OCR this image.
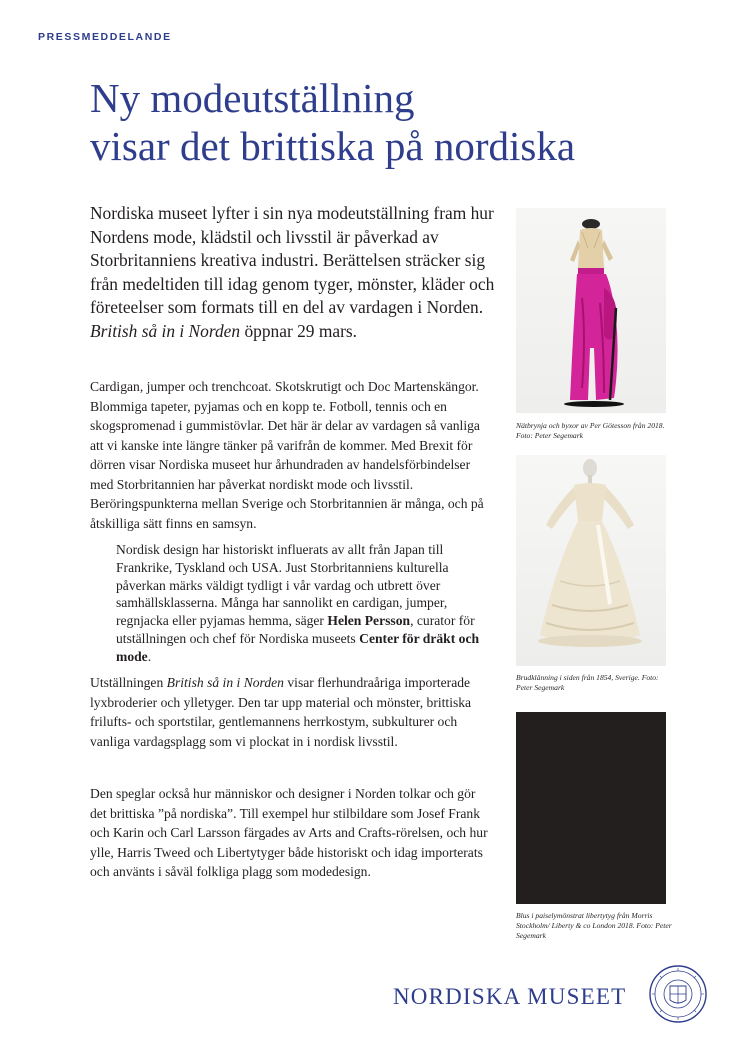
PRESSMEDDELANDE
Ny modeutställning
visar det brittiska på nordiska

Nordiska museet lyfter i sin nya modeutställning fram hur Nordens mode, klädstil och livsstil är påverkad av Storbritanniens kreativa industri. Berättelsen sträcker sig från medeltiden till idag genom tyger, mönster, kläder och företeelser som formats till en del av vardagen i Norden. British så in i Norden öppnar 29 mars.

Cardigan, jumper och trenchcoat. Skotskrutigt och Doc Martenskängor. Blommiga tapeter, pyjamas och en kopp te. Fotboll, tennis och en skogspromenad i gummistövlar. Det här är delar av vardagen så vanliga att vi kanske inte längre tänker på varifrån de kommer. Med Brexit för dörren visar Nordiska museet hur århundraden av handelsförbindelser med Storbritannien har påverkat nordiskt mode och livsstil. Beröringspunkterna mellan Sverige och Storbritannien är många, och på åtskilliga sätt finns en samsyn.

Nordisk design har historiskt influerats av allt från Japan till Frankrike, Tyskland och USA. Just Storbritanniens kulturella påverkan märks väldigt tydligt i vår vardag och utbrett över samhällsklasserna. Många har sannolikt en cardigan, jumper, regnjacka eller pyjamas hemma, säger Helen Persson, curator för utställningen och chef för Nordiska museets Center för dräkt och mode.

Utställningen British så in i Norden visar flerhundraåriga importerade lyxbroderier och ylletyger. Den tar upp material och mönster, brittiska frilufts- och sportstilar, gentlemannens herrkostym, subkulturer och vanliga vardagsplagg som vi plockat in i nordisk livsstil.

Den speglar också hur människor och designer i Norden tolkar och gör det brittiska ”på nordiska”. Till exempel hur stilbildare som Josef Frank och Karin och Carl Larsson färgades av Arts and Crafts-rörelsen, och hur ylle, Harris Tweed och Libertytyger både historiskt och idag importerats och använts i såväl folkliga plagg som modedesign.

Nätbrynja och byxor av Per Götesson från 2018. Foto: Peter Segemark

Brudklänning i siden från 1854, Sverige. Foto: Peter Segemark

Blus i paiselymönstrat libertytyg från Morris Stockholm/ Liberty & co London 2018. Foto: Peter Segemark

NORDISKA MUSEET
